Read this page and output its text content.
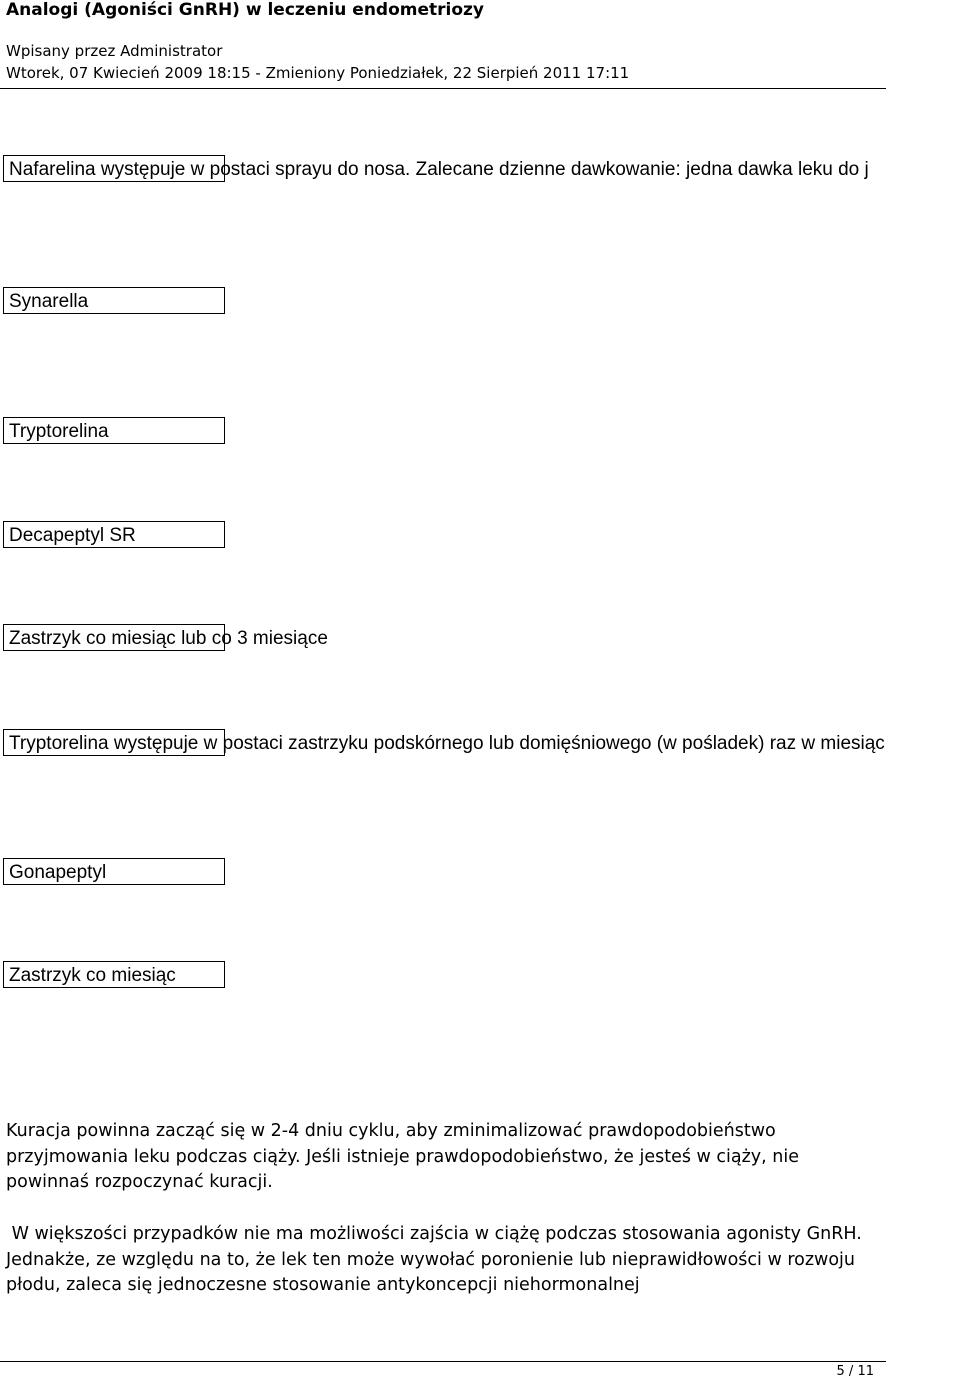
Analogi (Agoniści GnRH) w leczeniu endometriozy
Wpisany przez Administrator
Wtorek, 07 Kwiecień 2009 18:15 - Zmieniony Poniedziałek, 22 Sierpień 2011 17:11
Nafarelina występuje w postaci sprayu do nosa. Zalecane dzienne dawkowanie: jedna dawka leku do j
Synarella
Tryptorelina
Decapeptyl SR
Zastrzyk co miesiąc lub co 3 miesiące
Tryptorelina występuje w postaci zastrzyku podskórnego lub domięśniowego (w pośladek) raz w miesiąc
Gonapeptyl
Zastrzyk co miesiąc
Kuracja powinna zacząć się w 2-4 dniu cyklu, aby zminimalizować prawdopodobieństwo przyjmowania leku podczas ciąży. Jeśli istnieje prawdopodobieństwo, że jesteś w ciąży, nie powinnaś rozpoczynać kuracji.
W większości przypadków nie ma możliwości zajścia w ciążę podczas stosowania agonisty GnRH. Jednakże, ze względu na to, że lek ten może wywołać poronienie lub nieprawidłowości w rozwoju płodu, zaleca się jednoczesne stosowanie antykoncepcji niehormonalnej
5 / 11
